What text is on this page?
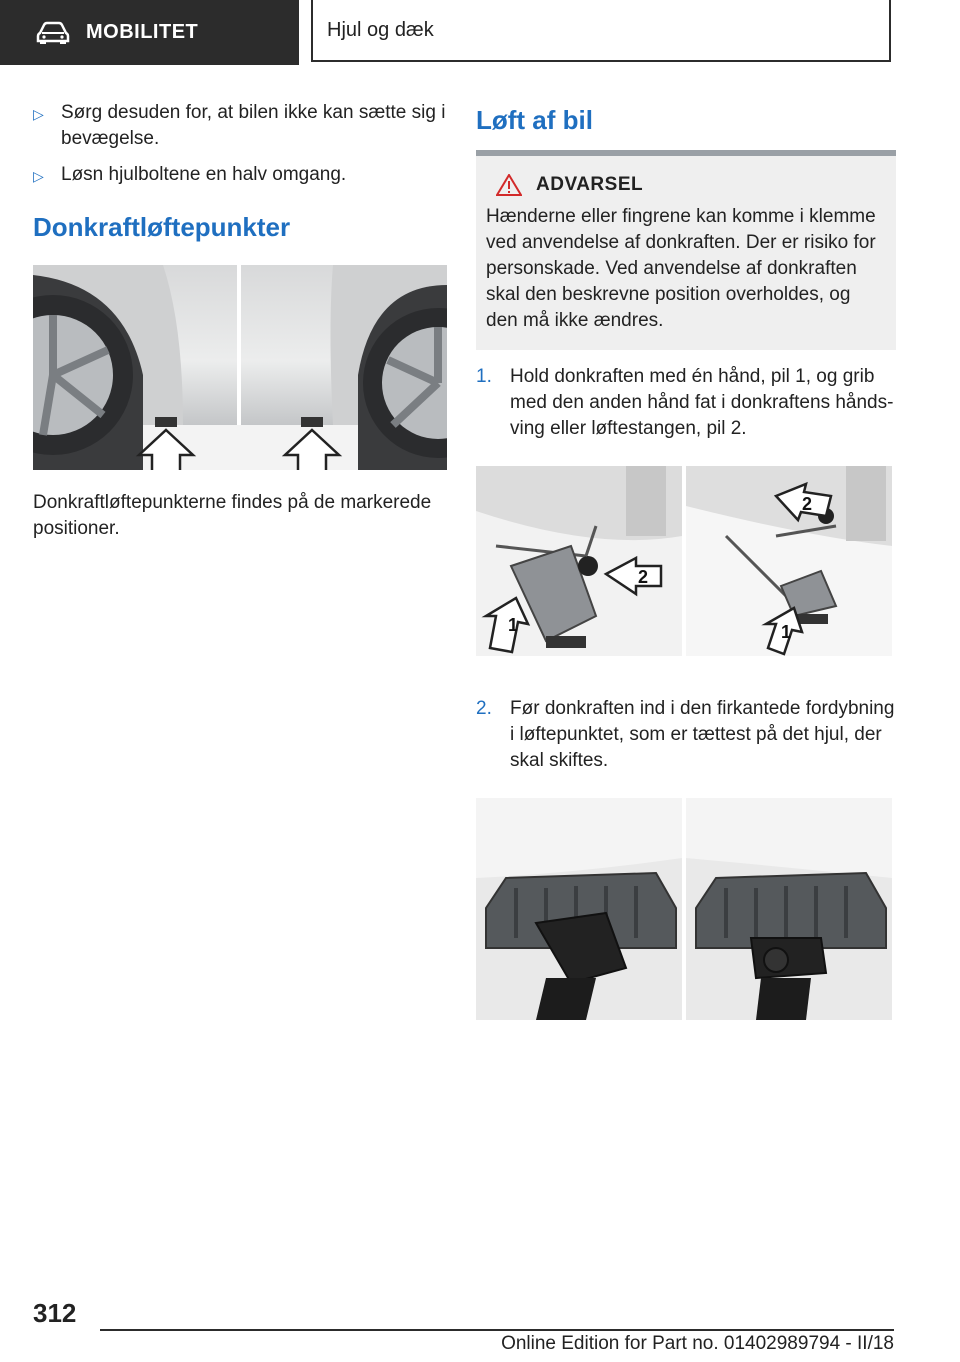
MOBILITET	Hjul og dæk
▷ Sørg desuden for, at bilen ikke kan sætte sig i bevægelse.
▷ Løsn hjulboltene en halv omgang.
Donkraftløftepunkter
Donkraftløftepunkterne findes på de markerede positioner.
Løft af bil
ADVARSEL
Hænderne eller fingrene kan komme i klemme ved anvendelse af donkraften. Der er risiko for personskade. Ved anvendelse af donkraften skal den beskrevne position overholdes, og den må ikke ændres.
1. Hold donkraften med én hånd, pil 1, og grib med den anden hånd fat i donkraftens håndsving eller løftestangen, pil 2.
2
1
2
1
2. Før donkraften ind i den firkantede fordybning i løftepunktet, som er tættest på det hjul, der skal skiftes.
312
Online Edition for Part no. 01402989794 - II/18
